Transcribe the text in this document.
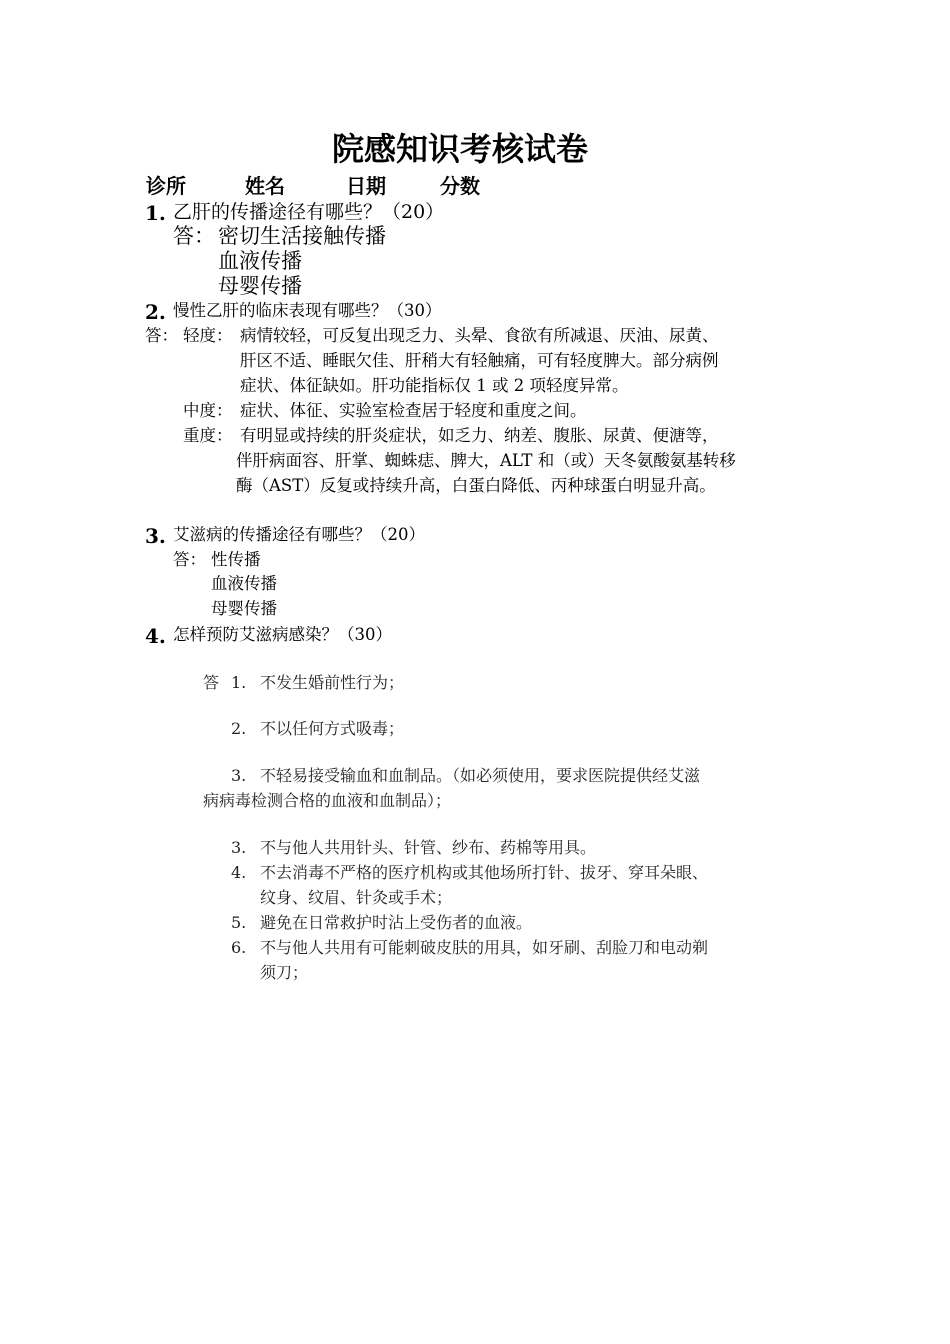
院感知识考核试卷
诊所	姓名	日期	分数
1. 乙肝的传播途径有哪些？（20）
答： 密切生活接触传播
血液传播
母婴传播
2. 慢性乙肝的临床表现有哪些？（30）
答： 轻度： 病情较轻，可反复出现乏力、头晕、食欲有所减退、厌油、尿黄、
肝区不适、睡眠欠佳、肝稍大有轻触痛，可有轻度脾大。部分病例
症状、体征缺如。肝功能指标仅 1 或 2 项轻度异常。
中度： 症状、体征、实验室检查居于轻度和重度之间。
重度： 有明显或持续的肝炎症状，如乏力、纳差、腹胀、尿黄、便溏等，
伴肝病面容、肝掌、蜘蛛痣、脾大，ALT 和（或）天冬氨酸氨基转移
酶（AST）反复或持续升高，白蛋白降低、丙种球蛋白明显升高。
3. 艾滋病的传播途径有哪些？（20）
答： 性传播
血液传播
母婴传播
4. 怎样预防艾滋病感染？（30）
答 1. 不发生婚前性行为；
2. 不以任何方式吸毒；
3. 不轻易接受输血和血制品。（如必须使用，要求医院提供经艾滋
病病毒检测合格的血液和血制品）；
3. 不与他人共用针头、针管、纱布、药棉等用具。
4. 不去消毒不严格的医疗机构或其他场所打针、拔牙、穿耳朵眼、
纹身、纹眉、针灸或手术；
5. 避免在日常救护时沾上受伤者的血液。
6. 不与他人共用有可能刺破皮肤的用具，如牙刷、刮脸刀和电动剃
须刀；
